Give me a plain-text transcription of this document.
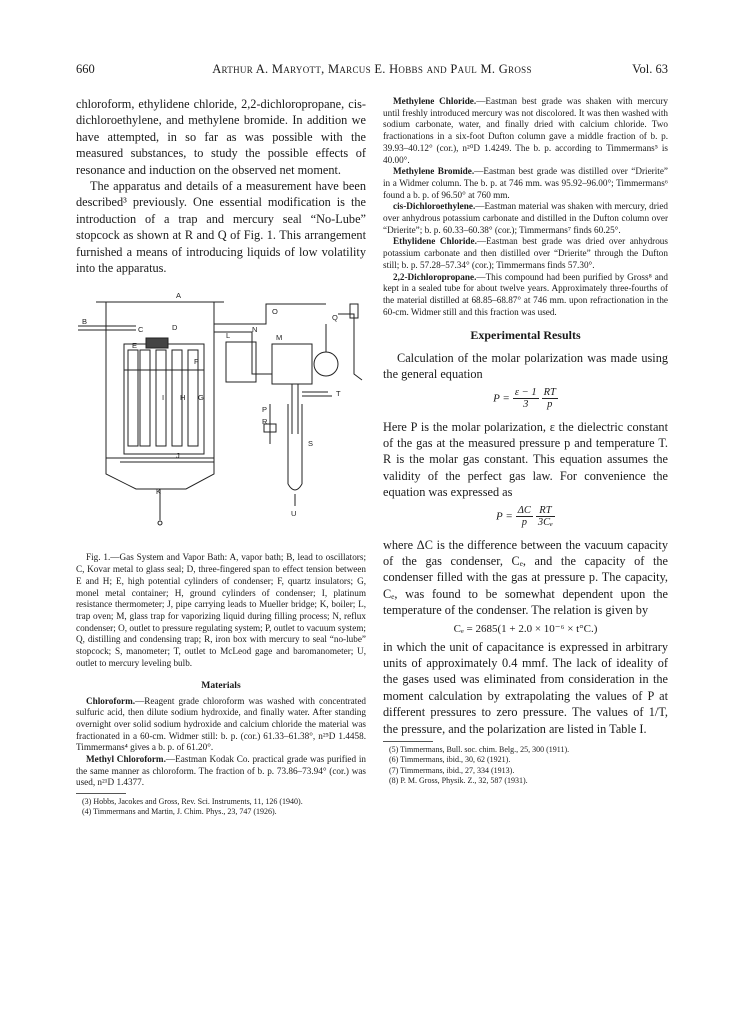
660	Arthur A. Maryott, Marcus E. Hobbs and Paul M. Gross	Vol. 63

chloroform, ethylidene chloride, 2,2-dichloropropane, cis-dichloroethylene, and methylene bromide. In addition we have attempted, in so far as was possible with the measured substances, to study the possible effects of resonance and induction on the observed net moment.

The apparatus and details of a measurement have been described³ previously. One essential modification is the introduction of a trap and mercury seal “No-Lube” stopcock as shown at R and Q of Fig. 1. This arrangement furnished a means of introducing liquids of low volatility into the apparatus.

A
B
C	D
E
F
I H G
J
K
L	M
N
O
P
Q
R
S
T
U

Fig. 1.—Gas System and Vapor Bath: A, vapor bath; B, lead to oscillators; C, Kovar metal to glass seal; D, three-fingered span to effect tension between E and H; E, high potential cylinders of condenser; F, quartz insulators; G, monel metal container; H, ground cylinders of condenser; I, platinum resistance thermometer; J, pipe carrying leads to Mueller bridge; K, boiler; L, trap oven; M, glass trap for vaporizing liquid during filling process; N, reflux condenser; O, outlet to pressure regulating system; P, outlet to vacuum system; Q, distilling and condensing trap; R, iron box with mercury to seal “no-lube” stopcock; S, manometer; T, outlet to McLeod gage and baromanometer; U, outlet to mercury leveling bulb.

Materials

Chloroform.—Reagent grade chloroform was washed with concentrated sulfuric acid, then dilute sodium hydroxide, and finally water. After standing overnight over solid sodium hydroxide and calcium chloride the material was fractionated in a 60-cm. Widmer still: b. p. (cor.) 61.33–61.38°, n²⁵D 1.4458. Timmermans⁴ gives a b. p. of 61.20°.

Methyl Chloroform.—Eastman Kodak Co. practical grade was purified in the same manner as chloroform. The fraction of b. p. 73.86–73.94° (cor.) was used, n²¹D 1.4377.

(3) Hobbs, Jacokes and Gross, Rev. Sci. Instruments, 11, 126 (1940).

(4) Timmermans and Martin, J. Chim. Phys., 23, 747 (1926).

Methylene Chloride.—Eastman best grade was shaken with mercury until freshly introduced mercury was not discolored. It was then washed with sodium carbonate, water, and finally dried with calcium chloride. Two fractionations in a six-foot Dufton column gave a middle fraction of b. p. 39.93–40.12° (cor.), n²⁰D 1.4249. The b. p. according to Timmermans⁵ is 40.00°.

Methylene Bromide.—Eastman best grade was distilled over “Drierite” in a Widmer column. The b. p. at 746 mm. was 95.92–96.00°; Timmermans⁶ found a b. p. of 96.50° at 760 mm.

cis-Dichloroethylene.—Eastman material was shaken with mercury, dried over anhydrous potassium carbonate and distilled in the Dufton column over “Drierite”; b. p. 60.33–60.38° (cor.); Timmermans⁷ finds 60.25°.

Ethylidene Chloride.—Eastman best grade was dried over anhydrous potassium carbonate and then distilled over “Drierite” through the Dufton still; b. p. 57.28–57.34° (cor.); Timmermans finds 57.30°.

2,2-Dichloropropane.—This compound had been purified by Gross⁸ and kept in a sealed tube for about twelve years. Approximately three-fourths of the material distilled at 68.85–68.87° at 746 mm. upon refractionation in the 60-cm. Widmer still and this fraction was used.

Experimental Results

Calculation of the molar polarization was made using the general equation

$P = \frac{\varepsilon - 1}{3}$
$\frac{RT}{p}$

Here P is the molar polarization, ε the dielectric constant of the gas at the measured pressure p and temperature T. R is the molar gas constant. This equation assumes the validity of the perfect gas law. For convenience the equation was expressed as

$P = \frac{\Delta C}{p}$
$\frac{RT}{\text{3Cₑ}}$

where ΔC is the difference between the vacuum capacity of the gas condenser, Cₑ, and the capacity of the condenser filled with the gas at pressure p. The capacity, Cₑ, was found to be somewhat dependent upon the temperature of the condenser. The relation is given by

Cₑ = 2685(1 + 2.0 × 10⁻⁶ × t°C.)

in which the unit of capacitance is expressed in arbitrary units of approximately 0.4 mmf. The lack of ideality of the gases used was eliminated from consideration in the moment calculation by extrapolating the values of P at different pressures to zero pressure. The values of 1/T, the pressure, and the polarization are listed in Table I.

(5) Timmermans, Bull. soc. chim. Belg., 25, 300 (1911).

(6) Timmermans, ibid., 30, 62 (1921).

(7) Timmermans, ibid., 27, 334 (1913).

(8) P. M. Gross, Physik. Z., 32, 587 (1931).
